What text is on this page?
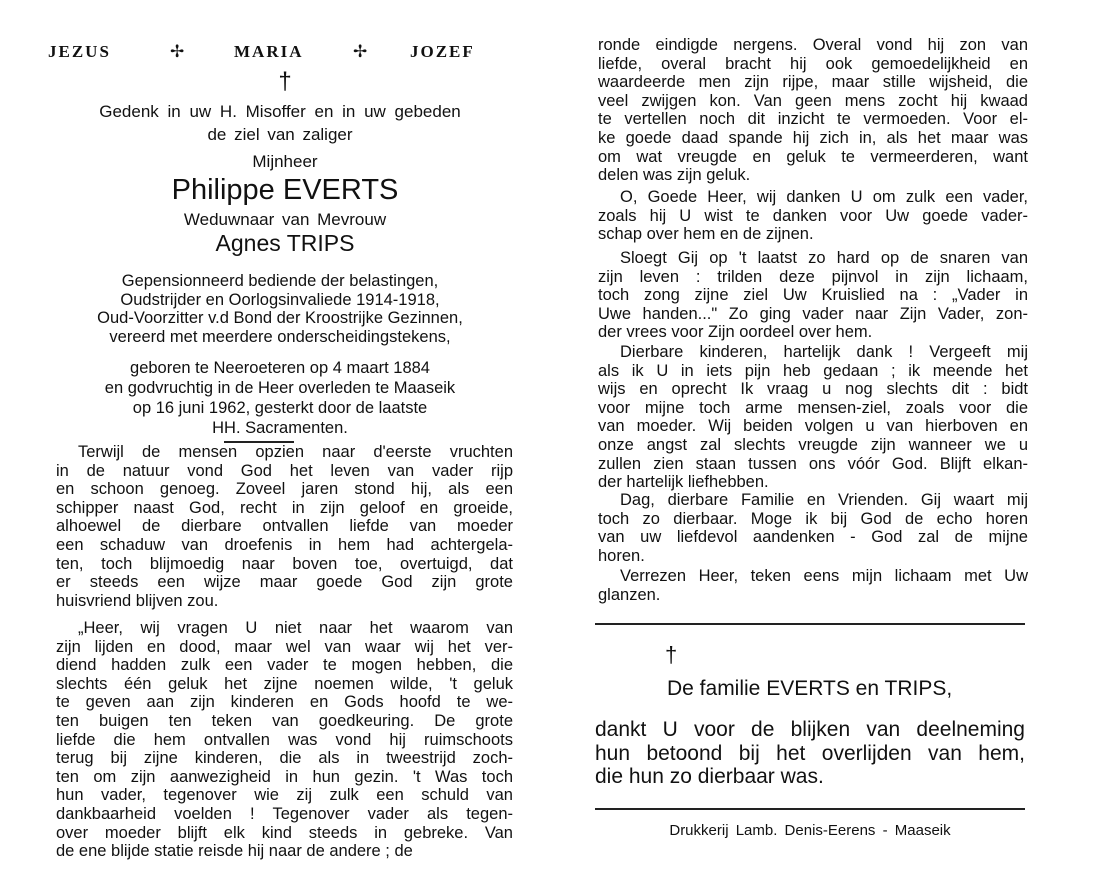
JEZUS	✢	MARIA	✢ JOZEF
†
Gedenk in uw H. Misoffer en in uw gebeden
de ziel van zaliger
Mijnheer
Philippe EVERTS
Weduwnaar van Mevrouw
Agnes TRIPS
Gepensionneerd bediende der belastingen,
Oudstrijder en Oorlogsinvaliede 1914-1918,
Oud-Voorzitter v.d Bond der Kroostrijke Gezinnen,
vereerd met meerdere onderscheidingstekens,
geboren te Neeroeteren op 4 maart 1884
en godvruchtig in de Heer overleden te Maaseik
op 16 juni 1962, gesterkt door de laatste
HH. Sacramenten.
Terwijl de mensen opzien naar d'eerste vruchten
in de natuur vond God het leven van vader rijp
en schoon genoeg. Zoveel jaren stond hij, als een
schipper naast God, recht in zijn geloof en groeide,
alhoewel de dierbare ontvallen liefde van moeder
een schaduw van droefenis in hem had achtergela-
ten, toch blijmoedig naar boven toe, overtuigd, dat
er steeds een wijze maar goede God zijn grote
huisvriend blijven zou.
„Heer, wij vragen U niet naar het waarom van
zijn lijden en dood, maar wel van waar wij het ver-
diend hadden zulk een vader te mogen hebben, die
slechts één geluk het zijne noemen wilde, 't geluk
te geven aan zijn kinderen en Gods hoofd te we-
ten buigen ten teken van goedkeuring. De grote
liefde die hem ontvallen was vond hij ruimschoots
terug bij zijne kinderen, die als in tweestrijd zoch-
ten om zijn aanwezigheid in hun gezin. 't Was toch
hun vader, tegenover wie zij zulk een schuld van
dankbaarheid voelden ! Tegenover vader als tegen-
over moeder blijft elk kind steeds in gebreke. Van
de ene blijde statie reisde hij naar de andere ; de
ronde eindigde nergens. Overal vond hij zon van
liefde, overal bracht hij ook gemoedelijkheid en
waardeerde men zijn rijpe, maar stille wijsheid, die
veel zwijgen kon. Van geen mens zocht hij kwaad
te vertellen noch dit inzicht te vermoeden. Voor el-
ke goede daad spande hij zich in, als het maar was
om wat vreugde en geluk te vermeerderen, want
delen was zijn geluk.
O, Goede Heer, wij danken U om zulk een vader,
zoals hij U wist te danken voor Uw goede vader-
schap over hem en de zijnen.
Sloegt Gij op 't laatst zo hard op de snaren van
zijn leven : trilden deze pijnvol in zijn lichaam,
toch zong zijne ziel Uw Kruislied na : „Vader in
Uwe handen..." Zo ging vader naar Zijn Vader, zon-
der vrees voor Zijn oordeel over hem.
Dierbare kinderen, hartelijk dank ! Vergeeft mij
als ik U in iets pijn heb gedaan ; ik meende het
wijs en oprecht Ik vraag u nog slechts dit : bidt
voor mijne toch arme mensen-ziel, zoals voor die
van moeder. Wij beiden volgen u van hierboven en
onze angst zal slechts vreugde zijn wanneer we u
zullen zien staan tussen ons vóór God. Blijft elkan-
der hartelijk liefhebben.
Dag, dierbare Familie en Vrienden. Gij waart mij
toch zo dierbaar. Moge ik bij God de echo horen
van uw liefdevol aandenken - God zal de mijne
horen.
Verrezen Heer, teken eens mijn lichaam met Uw
glanzen.
†
De familie EVERTS en TRIPS,
dankt U voor de blijken van deelneming
hun betoond bij het overlijden van hem,
die hun zo dierbaar was.
Drukkerij Lamb. Denis-Eerens - Maaseik
